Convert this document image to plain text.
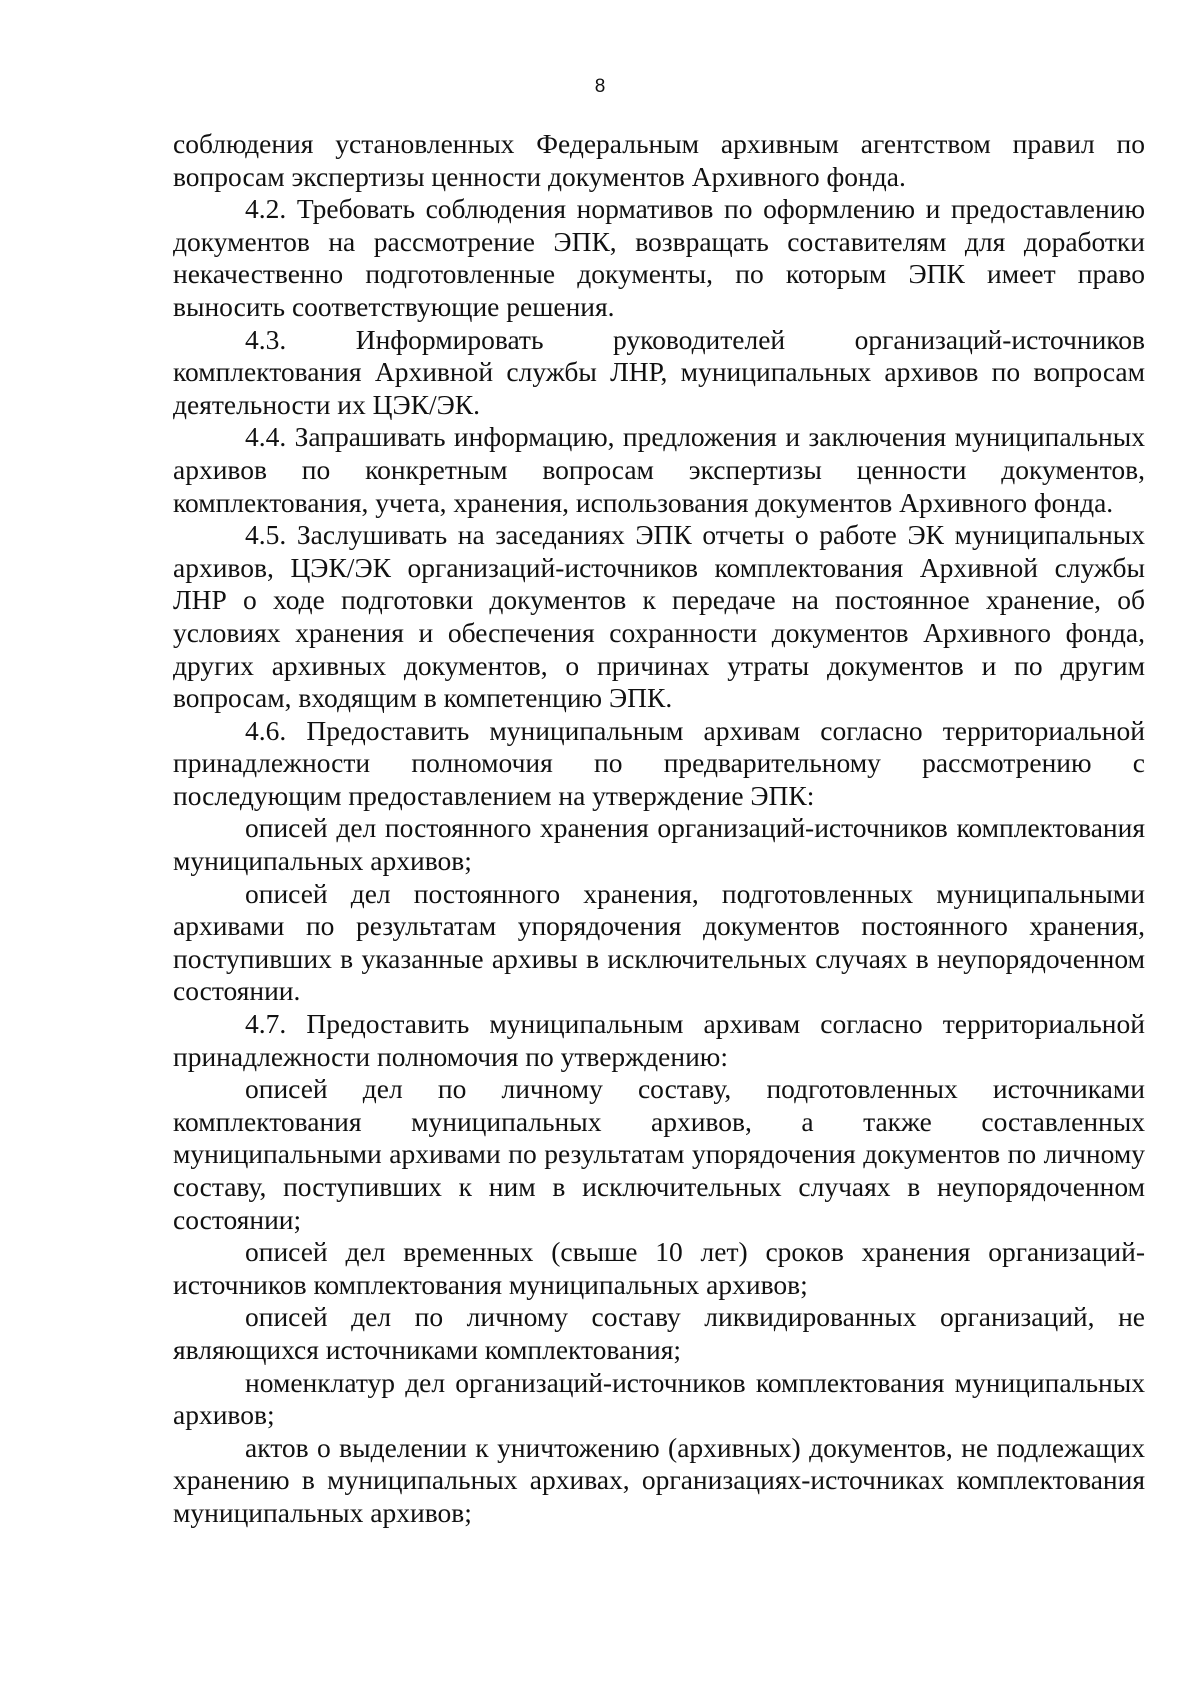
8

соблюдения установленных Федеральным архивным агентством правил по вопросам экспертизы ценности документов Архивного фонда.

4.2. Требовать соблюдения нормативов по оформлению и предоставлению документов на рассмотрение ЭПК, возвращать составителям для доработки некачественно подготовленные документы, по которым ЭПК имеет право выносить соответствующие решения.

4.3. Информировать руководителей организаций-источников комплектования Архивной службы ЛНР, муниципальных архивов по вопросам деятельности их ЦЭК/ЭК.

4.4. Запрашивать информацию, предложения и заключения муниципальных архивов по конкретным вопросам экспертизы ценности документов, комплектования, учета, хранения, использования документов Архивного фонда.

4.5. Заслушивать на заседаниях ЭПК отчеты о работе ЭК муниципальных архивов, ЦЭК/ЭК организаций-источников комплектования Архивной службы ЛНР о ходе подготовки документов к передаче на постоянное хранение, об условиях хранения и обеспечения сохранности документов Архивного фонда, других архивных документов, о причинах утраты документов и по другим вопросам, входящим в компетенцию ЭПК.

4.6. Предоставить муниципальным архивам согласно территориальной принадлежности полномочия по предварительному рассмотрению с последующим предоставлением на утверждение ЭПК:

описей дел постоянного хранения организаций-источников комплектования муниципальных архивов;

описей дел постоянного хранения, подготовленных муниципальными архивами по результатам упорядочения документов постоянного хранения, поступивших в указанные архивы в исключительных случаях в неупорядоченном состоянии.

4.7. Предоставить муниципальным архивам согласно территориальной принадлежности полномочия по утверждению:

описей дел по личному составу, подготовленных источниками комплектования муниципальных архивов, а также составленных муниципальными архивами по результатам упорядочения документов по личному составу, поступивших к ним в исключительных случаях в неупорядоченном состоянии;

описей дел временных (свыше 10 лет) сроков хранения организаций-источников комплектования муниципальных архивов;

описей дел по личному составу ликвидированных организаций, не являющихся источниками комплектования;

номенклатур дел организаций-источников комплектования муниципальных архивов;

актов о выделении к уничтожению (архивных) документов, не подлежащих хранению в муниципальных архивах, организациях-источниках комплектования муниципальных архивов;
